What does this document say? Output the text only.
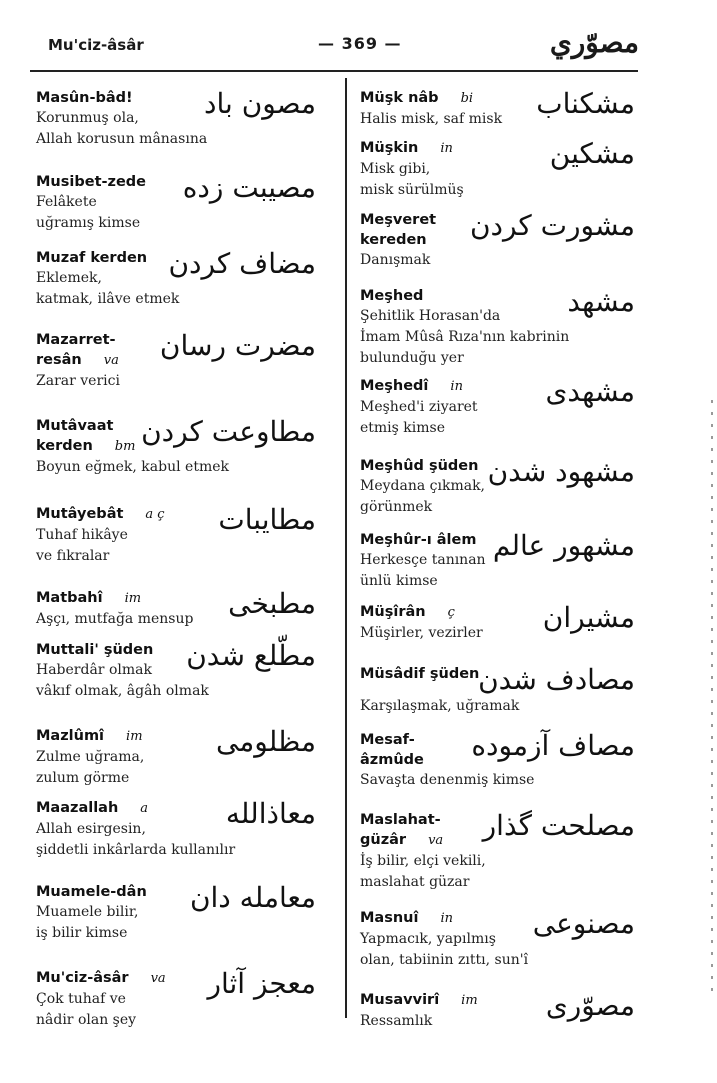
Mu'ciz-âsâr	— 369 —	مصوّري
Masûn-bâd!
Korunmuş ola,
Allah korusun mânasına
مصون باد
Musibet-zede
Felâkete
uğramış kimse
مصيبت زده
Muzaf kerden
Eklemek,
katmak, ilâve etmek
مضاف كردن
Mazarret-
resân va
Zarar verici
مضرت رسان
Mutâvaat
kerden bm
Boyun eğmek, kabul etmek
مطاوعت كردن
Mutâyebât a ç
Tuhaf hikâye
ve fıkralar
مطايبات
Matbahî im
Aşçı, mutfağa mensup	مطبخى
Muttali' şüden
Haberdâr olmak
vâkıf olmak, âgâh olmak
مطّلع شدن
Mazlûmî im
Zulme uğrama,
zulum görme
مظلومى
Maazallah a
Allah esirgesin,
şiddetli inkârlarda kullanılır
معاذالله
Muamele-dân
Muamele bilir,
iş bilir kimse
معامله دان
Mu'ciz-âsâr va
Çok tuhaf ve
nâdir olan şey
معجز آثار
Müşk nâb bi
Halis misk, saf misk	مشكناب
Müşkin in
Misk gibi,
misk sürülmüş
مشكين
Meşveret
kereden
Danışmak
مشورت كردن
Meşhed
Şehitlik Horasan'da
İmam Mûsâ Rıza'nın kabrinin
bulunduğu yer
مشهد
Meşhedî in
Meşhed'i ziyaret
etmiş kimse
مشهدى
Meşhûd şüden
Meydana çıkmak,
görünmek
مشهود شدن
Meşhûr-ı âlem
Herkesçe tanınan
ünlü kimse
مشهور عالم
Müşîrân ç
Müşirler, vezirler	مشيران
Müsâdif şüden
Karşılaşmak, uğramak
مصادف شدن
Mesaf-
âzmûde
Savaşta denenmiş kimse
مصاف آزموده
Maslahat-
güzâr va
İş bilir, elçi vekili,
maslahat güzar
مصلحت گذار
Masnuî in
Yapmacık, yapılmış
olan, tabiinin zıttı, sun'î
مصنوعى
Musavvirî im
Ressamlık	مصوّرى
